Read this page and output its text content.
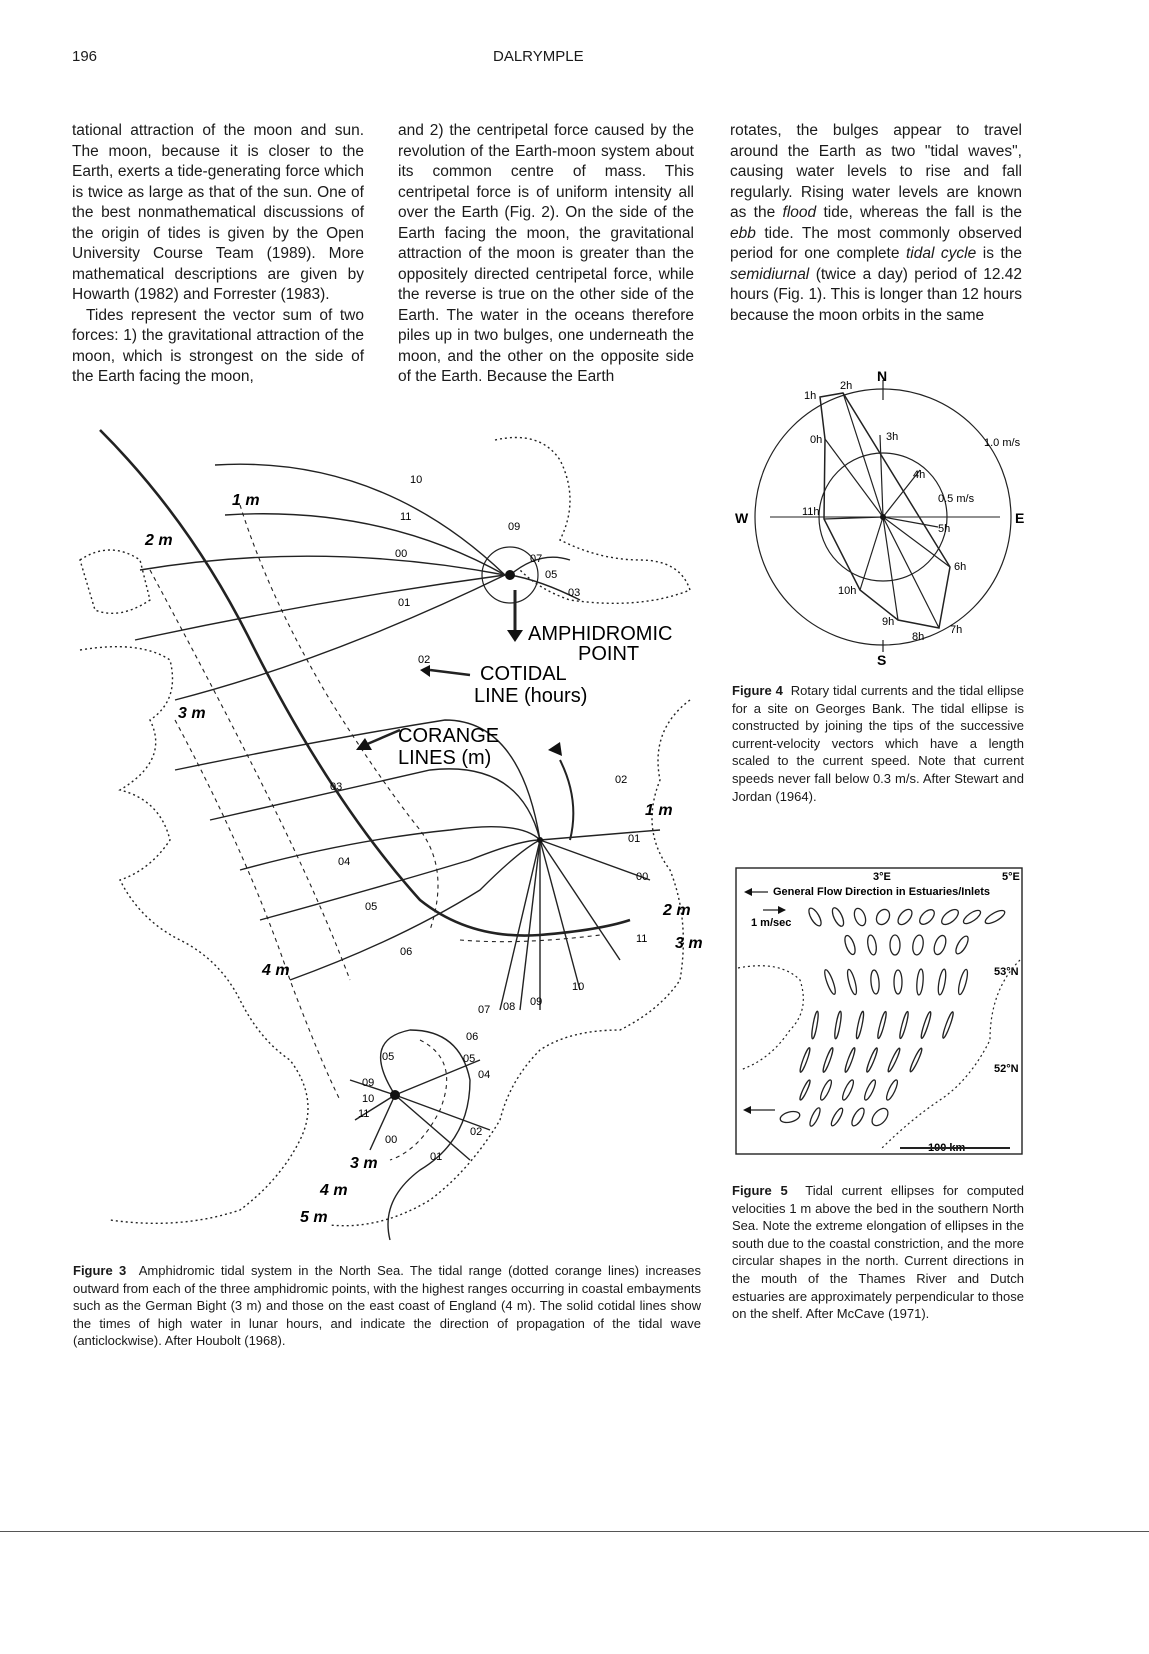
196	DALRYMPLE

tational attraction of the moon and sun. The moon, because it is closer to the Earth, exerts a tide-generating force which is twice as large as that of the sun. One of the best nonmathematical discussions of the origin of tides is given by the Open University Course Team (1989). More mathematical descriptions are given by Howarth (1982) and Forrester (1983).

Tides represent the vector sum of two forces: 1) the gravitational attraction of the moon, which is strongest on the side of the Earth facing the moon,

and 2) the centripetal force caused by the revolution of the Earth-moon system about its common centre of mass. This centripetal force is of uniform intensity all over the Earth (Fig. 2). On the side of the Earth facing the moon, the gravitational attraction of the moon is greater than the oppositely directed centripetal force, while the reverse is true on the other side of the Earth. The water in the oceans therefore piles up in two bulges, one underneath the moon, and the other on the opposite side of the Earth. Because the Earth

rotates, the bulges appear to travel around the Earth as two "tidal waves", causing water levels to rise and fall regularly. Rising water levels are known as the flood tide, whereas the fall is the ebb tide. The most commonly observed period for one complete tidal cycle is the semidiurnal (twice a day) period of 12.42 hours (Fig. 1). This is longer than 12 hours because the moon orbits in the same

AMPHIDROMIC
POINT
COTIDAL
LINE (hours)
CORANGE
LINES (m)
1 m
2 m
3 m
4 m
1 m
2 m
3 m
3 m
4 m
5 m
10
11
00
01
02
03
04
05
06
09
07
05
03
02
01
00
11
10
07 08 09
06
05
04
05
09
10
11
00
02
01
Figure 3 Amphidromic tidal system in the North Sea. The tidal range (dotted corange lines) increases outward from each of the three amphidromic points, with the highest ranges occurring in coastal embayments such as the German Bight (3 m) and those on the east coast of England (4 m). The solid cotidal lines show the times of high water in lunar hours, and indicate the direction of propagation of the tidal wave (anticlockwise). After Houbolt (1968).
N
S
E
W
1.0 m/s
0.5 m/s
1h
2h
0h	3h
4h
11h
5h
6h
10h
9h
8h
7h
Figure 4 Rotary tidal currents and the tidal ellipse for a site on Georges Bank. The tidal ellipse is constructed by joining the tips of the successive current-velocity vectors which have a length scaled to the current speed. Note that current speeds never fall below 0.3 m/s. After Stewart and Jordan (1964).
3°E	5°E
General Flow Direction in Estuaries/Inlets
1 m/sec
53°N
52°N
100 km
Figure 5 Tidal current ellipses for computed velocities 1 m above the bed in the southern North Sea. Note the extreme elongation of ellipses in the south due to the coastal constriction, and the more circular shapes in the north. Current directions in the mouth of the Thames River and Dutch estuaries are approximately perpendicular to those on the shelf. After McCave (1971).
